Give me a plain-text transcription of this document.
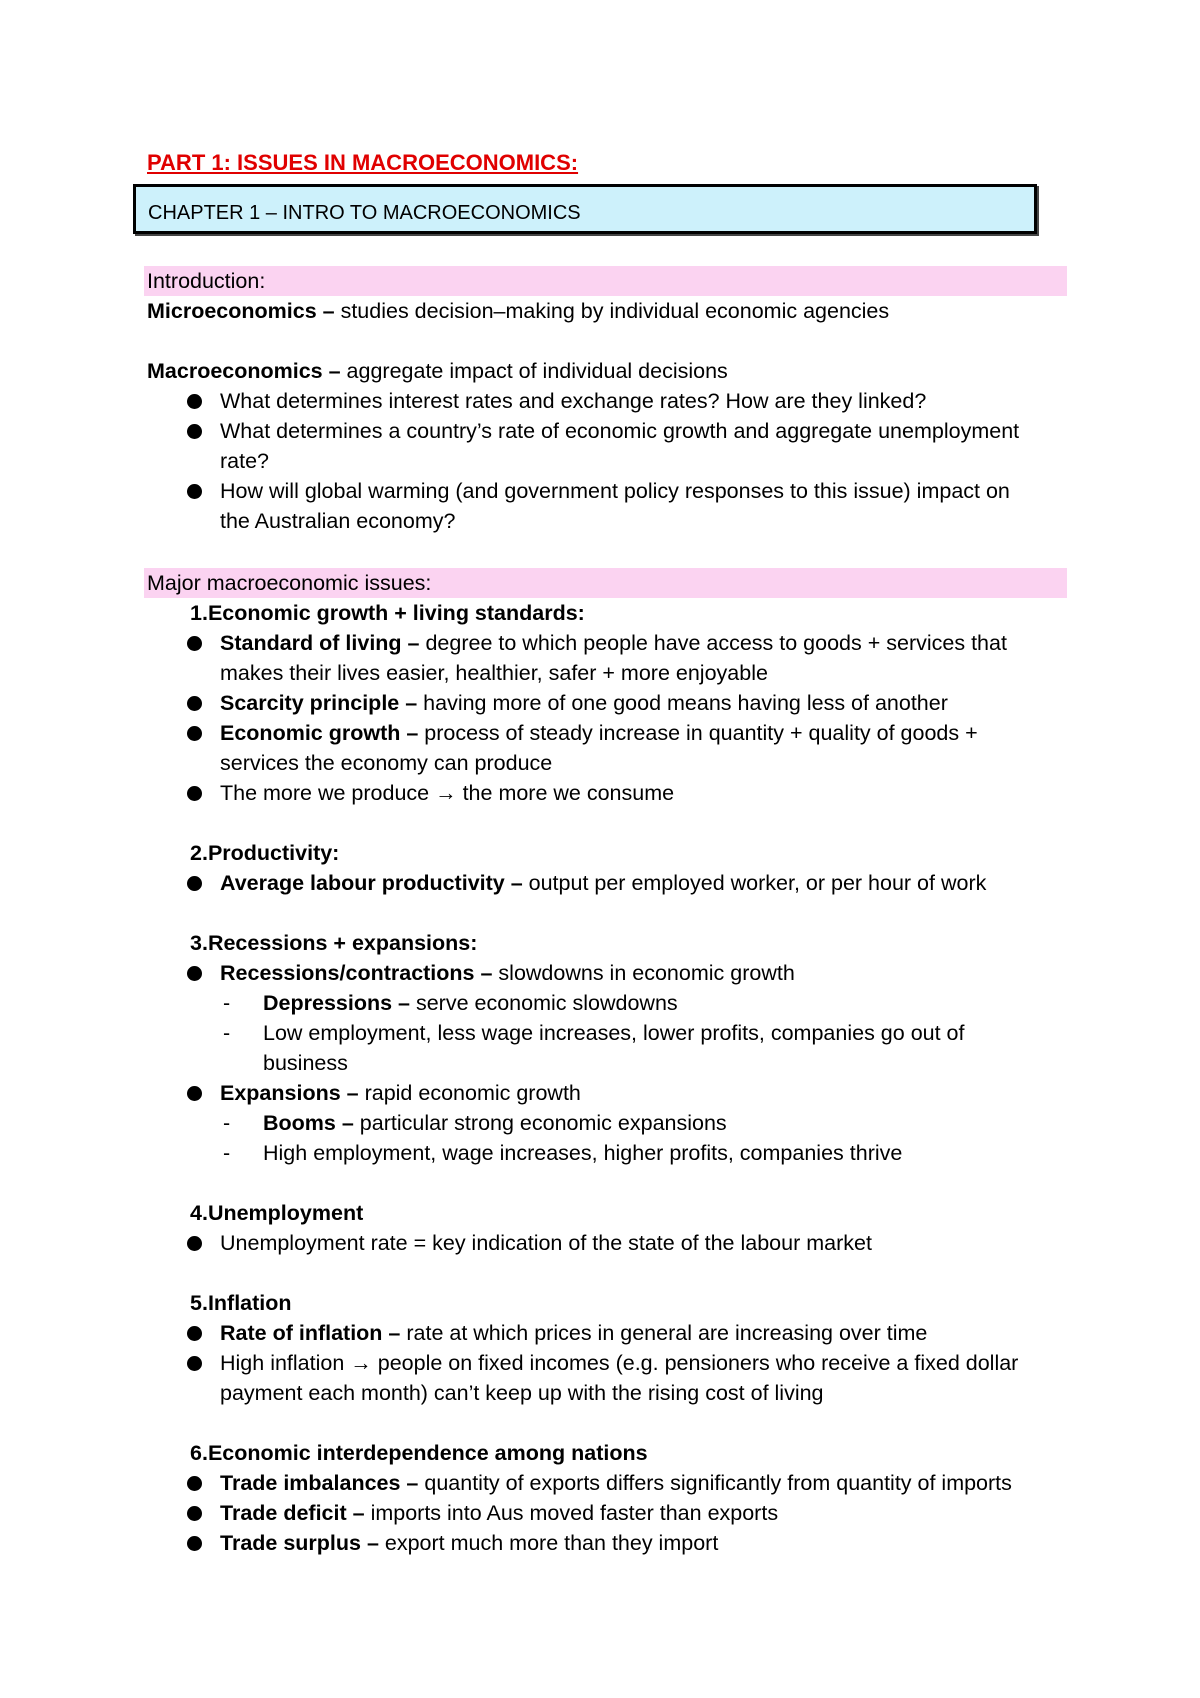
PART 1: ISSUES IN MACROECONOMICS:
CHAPTER 1 – INTRO TO MACROECONOMICS
Introduction:
Microeconomics – studies decision–making by individual economic agencies
Macroeconomics – aggregate impact of individual decisions
What determines interest rates and exchange rates? How are they linked?
What determines a country’s rate of economic growth and aggregate unemployment
rate?
How will global warming (and government policy responses to this issue) impact on
the Australian economy?
Major macroeconomic issues:
1.Economic growth + living standards:
Standard of living – degree to which people have access to goods + services that
makes their lives easier, healthier, safer + more enjoyable
Scarcity principle – having more of one good means having less of another
Economic growth – process of steady increase in quantity + quality of goods +
services the economy can produce
The more we produce → the more we consume
2.Productivity:
Average labour productivity – output per employed worker, or per hour of work
3.Recessions + expansions:
Recessions/contractions – slowdowns in economic growth
- Depressions – serve economic slowdowns
- Low employment, less wage increases, lower profits, companies go out of
business
Expansions – rapid economic growth
- Booms – particular strong economic expansions
- High employment, wage increases, higher profits, companies thrive
4.Unemployment
Unemployment rate = key indication of the state of the labour market
5.Inflation
Rate of inflation – rate at which prices in general are increasing over time
High inflation → people on fixed incomes (e.g. pensioners who receive a fixed dollar
payment each month) can’t keep up with the rising cost of living
6.Economic interdependence among nations
Trade imbalances – quantity of exports differs significantly from quantity of imports
Trade deficit – imports into Aus moved faster than exports
Trade surplus – export much more than they import
